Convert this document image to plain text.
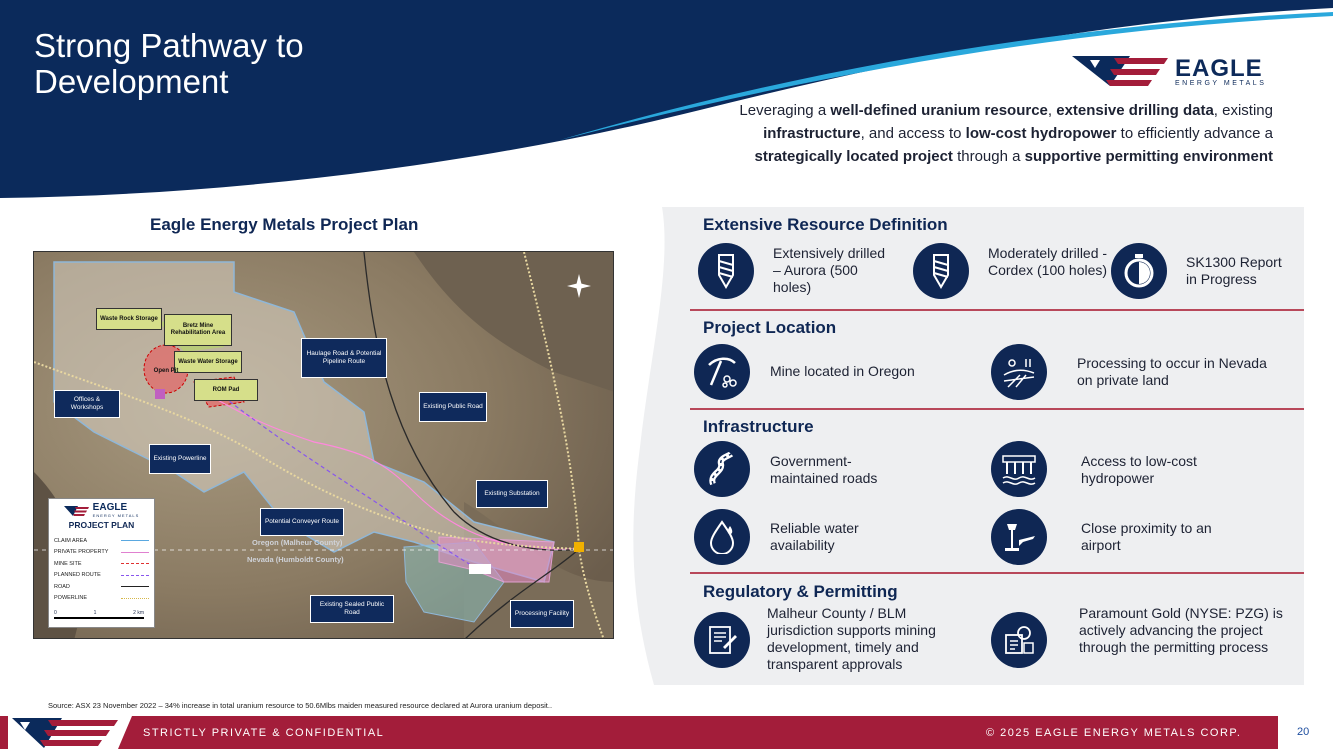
Strong Pathway to
Development	EAGLE
ENERGY METALS
Leveraging a well-defined uranium resource, extensive drilling data, existing
infrastructure, and access to low-cost hydropower to efficiently advance a
strategically located project through a supportive permitting environment
Eagle Energy Metals Project Plan
Waste Rock Storage
Bretz Mine Rehabilitation Area
Waste Water Storage
Open Pit
ROM Pad
Offices & Workshops
Haulage Road & Potential Pipeline Route
Existing Public Road
Existing Powerline
Existing Substation
Potential Conveyer Route
Existing Sealed Public Road	Processing Facility
Oregon (Malheur County)
Nevada (Humboldt County)
EAGLE
ENERGY METALS
PROJECT PLAN
CLAIM AREA
PRIVATE PROPERTY
MINE SITE
PLANNED ROUTE
ROAD
POWERLINE
0	1	2 km
Extensive Resource Definition
Extensively drilled – Aurora (500 holes)
Moderately drilled - Cordex (100 holes)	SK1300 Report in Progress
Project Location
Mine located in Oregon	Processing to occur in Nevada on private land
Infrastructure
Government-maintained roads
Access to low-cost hydropower
Reliable water availability
Close proximity to an airport
Regulatory & Permitting
Malheur County / BLM jurisdiction supports mining development, timely and transparent approvals
Paramount Gold (NYSE: PZG) is actively advancing the project through the permitting process
Source: ASX 23 November 2022 – 34% increase in total uranium resource to 50.6Mlbs maiden measured resource declared at Aurora uranium deposit..
STRICTLY PRIVATE & CONFIDENTIAL	© 2025 EAGLE ENERGY METALS CORP.	20
